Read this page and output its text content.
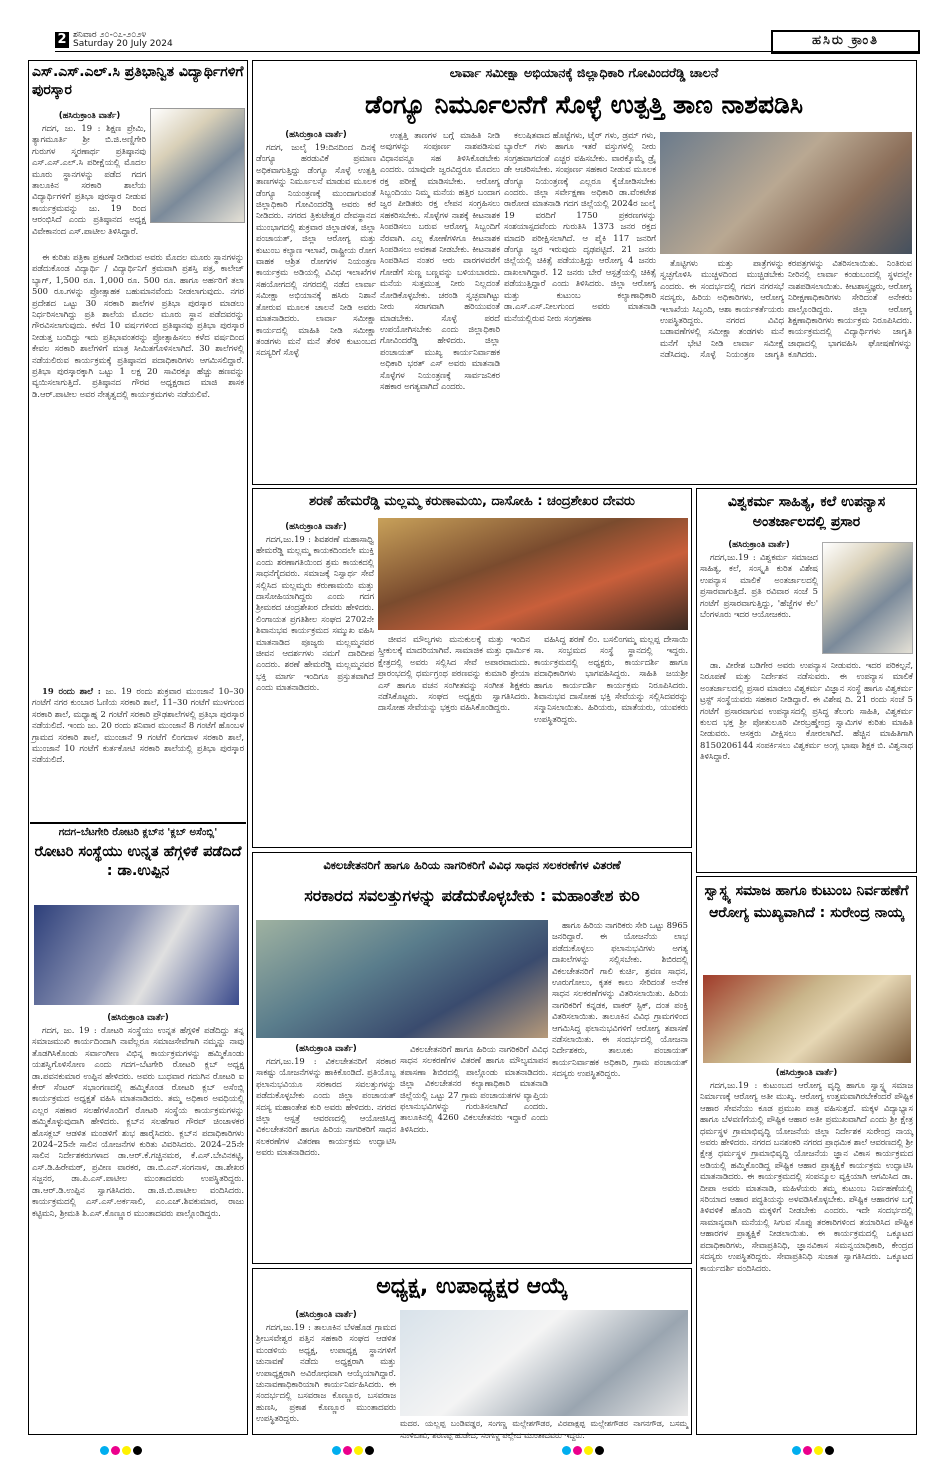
2 ಶನಿವಾರ ೨೦-೦೭-೨೦೨೪
Saturday 20 July 2024	ಹಸಿರು ಕ್ರಾಂತಿ
ಎಸ್.ಎಸ್.ಎಲ್.ಸಿ ಪ್ರತಿಭಾನ್ವಿತ ವಿದ್ಯಾರ್ಥಿಗಳಿಗೆ ಪುರಸ್ಕಾರ
(ಹಸಿರುಕ್ರಾಂತಿ ವಾರ್ತೆ)

ಗದಗ, ಜು. 19 : ಶಿಕ್ಷಣ ಪ್ರೇಮಿ, ತ್ಯಾಗಮೂರ್ತಿ ಶ್ರೀ ಬಿ.ಜಿ.ಅಣ್ಣಿಗೇರಿ ಗುರುಗಳ ಸ್ಮರಣಾರ್ಥ ಪ್ರತಿಷ್ಠಾನವು ಎಸ್.ಎಸ್.ಎಲ್.ಸಿ ಪರೀಕ್ಷೆಯಲ್ಲಿ ಮೊದಲ ಮೂರು ಸ್ಥಾನಗಳನ್ನು ಪಡೆದ ಗದಗ ತಾಲೂಕಿನ ಸರಕಾರಿ ಶಾಲೆಯ ವಿದ್ಯಾರ್ಥಿಗಳಿಗೆ ಪ್ರತಿಭಾ ಪುರಸ್ಕಾರ ನೀಡುವ ಕಾರ್ಯಕ್ರಮವನ್ನು ಜು. 19 ರಿಂದ ಆರಂಭಿಸಿದೆ ಎಂದು ಪ್ರತಿಷ್ಠಾನದ ಅಧ್ಯಕ್ಷ ವಿವೇಕಾನಂದ ಎಸ್.ಪಾಟೀಲ ತಿಳಿಸಿದ್ದಾರೆ.

ಈ ಕುರಿತು ಪತ್ರಿಕಾ ಪ್ರಕಟಣೆ ನೀಡಿರುವ ಅವರು ಮೊದಲ ಮೂರು ಸ್ಥಾನಗಳನ್ನು ಪಡೆದುಕೊಂಡ ವಿದ್ಯಾರ್ಥಿ / ವಿದ್ಯಾರ್ಥಿನಿಗೆ ಕ್ರಮವಾಗಿ ಪ್ರಶಸ್ತಿ ಪತ್ರ, ಕಾಲೇಜ್ ಬ್ಯಾಗ್, 1,500 ರೂ. 1,000 ರೂ. 500 ರೂ. ಹಾಗೂ ಅರ್ಹರಿಗೆ ತಲಾ 500 ರೂ.ಗಳನ್ನು ಪ್ರೋತ್ಸಾಹಕ ಬಹುಮಾನವೆಂದು ನೀಡಲಾಗುವುದು. ನಗರ ಪ್ರದೇಶದ ಒಟ್ಟು 30 ಸರಕಾರಿ ಶಾಲೆಗಳ ಪ್ರತಿಭಾ ಪುರಸ್ಕಾರ ಮಾಡಲು ನಿರ್ಧರಿಸಲಾಗಿದ್ದು ಪ್ರತಿ ಶಾಲೆಯ ಮೊದಲ ಮೂರು ಸ್ಥಾನ ಪಡೆದವರನ್ನು ಗೌರವಿಸಲಾಗುವುದು. ಕಳೆದ 10 ವರ್ಷಗಳಿಂದ ಪ್ರತಿಷ್ಠಾನವು ಪ್ರತಿಭಾ ಪುರಸ್ಕಾರ ನೀಡುತ್ತ ಬಂದಿದ್ದು ಇದು ಪ್ರತಿಭಾವಂತರನ್ನು ಪ್ರೋತ್ಸಾಹಿಸಲು ಕಳೆದ ವರ್ಷದಿಂದ ಕೇವಲ ಸರಕಾರಿ ಶಾಲೆಗಳಿಗೆ ಮಾತ್ರ ಸೀಮಿತಗೊಳಿಸಲಾಗಿದೆ. 30 ಶಾಲೆಗಳಲ್ಲಿ ನಡೆಯಲಿರುವ ಕಾರ್ಯಕ್ರಮಕ್ಕೆ ಪ್ರತಿಷ್ಠಾನದ ಪದಾಧಿಕಾರಿಗಳು ಆಗಮಿಸಲಿದ್ದಾರೆ. ಪ್ರತಿಭಾ ಪುರಸ್ಕಾರಕ್ಕಾಗಿ ಒಟ್ಟು 1 ಲಕ್ಷ 20 ಸಾವಿರಕ್ಕೂ ಹೆಚ್ಚು ಹಣವನ್ನು ವ್ಯಯಿಸಲಾಗುತ್ತಿದೆ. ಪ್ರತಿಷ್ಠಾನದ ಗೌರವ ಅಧ್ಯಕ್ಷರಾದ ಮಾಜಿ ಶಾಸಕ ಡಿ.ಆರ್.ಪಾಟೀಲ ಅವರ ನೇತೃತ್ವದಲ್ಲಿ ಕಾರ್ಯಕ್ರಮಗಳು ನಡೆಯಲಿವೆ.

19 ರಂದು ಶಾಲೆ : ಜು. 19 ರಂದು ಶುಕ್ರವಾರ ಮುಂಜಾನೆ 10–30 ಗಂಟೆಗೆ ನಗರ ಕುಂಬಾರ ಓಣಿಯ ಸರಕಾರಿ ಶಾಲೆ, 11–30 ಗಂಟೆಗೆ ಮುಳಗುಂದ ಸರಕಾರಿ ಶಾಲೆ, ಮಧ್ಯಾಹ್ನ 2 ಗಂಟೆಗೆ ಸರಕಾರಿ ಪ್ರೌಢಶಾಲೆಗಳಲ್ಲಿ ಪ್ರತಿಭಾ ಪುರಸ್ಕಾರ ನಡೆಯಲಿದೆ. ಇಂದು ಜು. 20 ರಂದು ಶನಿವಾರ ಮುಂಜಾನೆ 8 ಗಂಟೆಗೆ ಹೊಂಬಳ ಗ್ರಾಮದ ಸರಕಾರಿ ಶಾಲೆ, ಮುಂಜಾನೆ 9 ಗಂಟೆಗೆ ಲಿಂಗದಾಳ ಸರಕಾರಿ ಶಾಲೆ, ಮುಂಜಾನೆ 10 ಗಂಟೆಗೆ ಕುರ್ತಕೋಟಿ ಸರಕಾರಿ ಶಾಲೆಯಲ್ಲಿ ಪ್ರತಿಭಾ ಪುರಸ್ಕಾರ ನಡೆಯಲಿದೆ.

ಗದಗ–ಬೆಟಗೇರಿ ರೋಟರಿ ಕ್ಲಬ್‌ನ 'ಕ್ಲಬ್ ಅಸೆಂಬ್ಲಿ'
ರೋಟರಿ ಸಂಸ್ಥೆಯು ಉನ್ನತ ಹೆಗ್ಗಳಿಕೆ ಪಡೆದಿದೆ : ಡಾ.ಉಪ್ಪಿನ
(ಹಸಿರುಕ್ರಾಂತಿ ವಾರ್ತೆ)

ಗದಗ, ಜು. 19 : ರೋಟರಿ ಸಂಸ್ಥೆಯು ಉನ್ನತ ಹೆಗ್ಗಳಿಕೆ ಪಡೆದಿದ್ದು ತನ್ನ ಸಮಾಜಮುಖಿ ಕಾರ್ಯದಿಂದಾಗಿ ನಾವೆಲ್ಲರೂ ಸಮಾಜಸೇವೆಗಾಗಿ ನಮ್ಮನ್ನು ನಾವು ತೊಡಗಿಸಿಕೊಂಡು ಸರ್ವಾಂಗೀಣ ವಿಭಿನ್ನ ಕಾರ್ಯಕ್ರಮಗಳನ್ನು ಹಮ್ಮಿಕೊಂಡು ಯಶಸ್ವಿಗೊಳಿಸೋಣ ಎಂದು ಗದಗ–ಬೆಟಗೇರಿ ರೋಟರಿ ಕ್ಲಬ್ ಅಧ್ಯಕ್ಷ ಡಾ.ಪವನಕುಮಾರ ಉಪ್ಪಿನ ಹೇಳಿದರು. ಅವರು ಬುಧವಾರ ಗದುಗಿನ ರೋಟರಿ ಐ ಕೇರ್ ಸೆಂಟರ್ ಸಭಾಂಗಣದಲ್ಲಿ ಹಮ್ಮಿಕೊಂಡ ರೋಟರಿ ಕ್ಲಬ್ ಅಸೆಂಬ್ಲಿ ಕಾರ್ಯಕ್ರಮದ ಅಧ್ಯಕ್ಷತೆ ವಹಿಸಿ ಮಾತನಾಡಿದರು. ತಮ್ಮ ಅಧಿಕಾರ ಅವಧಿಯಲ್ಲಿ ಎಲ್ಲರ ಸಹಕಾರ ಸಲಹೆಗಳೊಂದಿಗೆ ರೋಟರಿ ಸಂಸ್ಥೆಯ ಕಾರ್ಯಕ್ರಮಗಳನ್ನು ಹಮ್ಮಿಕೊಳ್ಳುವುದಾಗಿ ಹೇಳಿದರು. ಕ್ಲಬ್‌ನ ಸಲಹೆಗಾರ ಗೌರವ್ ಚಿಂಚಾಳಕರ ಹೊಸಕ್ಲಬ್ ಆಡಳಿತ ಮಂಡಳಿಗೆ ಶುಭ ಹಾರೈಸಿದರು. ಕ್ಲಬ್‌ನ ಪದಾಧಿಕಾರಿಗಳು 2024–25ನೇ ಸಾಲಿನ ಯೋಜನೆಗಳ ಕುರಿತು ವಿವರಿಸಿದರು. 2024–25ನೇ ಸಾಲಿನ ನಿರ್ದೇಶಕರುಗಳಾದ ಡಾ.ಆರ್.ಕೆ.ಗಚ್ಚಿನಮಠ, ಕೆ.ಎಸ್.ಬೇವಿನಕಟ್ಟಿ, ಎಸ್.ಡಿ.ಹಿರೇಮಠ್, ಪ್ರವೀಣ ವಾರಕರ, ಡಾ.ಬಿ.ಎನ್.ಸಂಗನಾಳ, ಡಾ.ಶೇಖರ ಸಜ್ಜನರ, ಡಾ.ಪಿ.ಎಸ್.ಪಾಟೀಲ ಮುಂತಾದವರು ಉಪಸ್ಥಿತರಿದ್ದರು. ಡಾ.ಆರ್.ಡಿ.ಉಪ್ಪಿನ ಸ್ವಾಗತಿಸಿದರು. ಡಾ.ಜಿ.ಬಿ.ಪಾಟೀಲ ವಂದಿಸಿದರು. ಕಾರ್ಯಕ್ರಮದಲ್ಲಿ ಎಸ್.ಎಸ್.ಅರ್ಕಸಾಲಿ, ಎಂ.ಎಚ್.ಶಿವಕುಮಾರ, ರಾಜು ಕಟ್ಟಿಮನಿ, ಶ್ರೀಮತಿ ಶಿ.ಎಸ್.ಕೊಣ್ಣೂರ ಮುಂತಾದವರು ಪಾಲ್ಗೊಂಡಿದ್ದರು.

ಲಾರ್ವಾ ಸಮೀಕ್ಷಾ ಅಭಿಯಾನಕ್ಕೆ ಜಿಲ್ಲಾಧಿಕಾರಿ ಗೋವಿಂದರೆಡ್ಡಿ ಚಾಲನೆ
ಡೆಂಗ್ಯೂ ನಿರ್ಮೂಲನೆಗೆ ಸೊಳ್ಳೆ ಉತ್ಪತ್ತಿ ತಾಣ ನಾಶಪಡಿಸಿ
(ಹಸಿರುಕ್ರಾಂತಿ ವಾರ್ತೆ)

ಗದಗ, ಜುಲೈ 19:ದಿನದಿಂದ ದಿನಕ್ಕೆ ಡೆಂಗ್ಯೂ ಹರಡುವಿಕೆ ಪ್ರಮಾಣ ಅಧಿಕವಾಗುತ್ತಿದ್ದು ಡೆಂಗ್ಯೂ ಸೊಳ್ಳೆ ಉತ್ಪತ್ತಿ ತಾಣಗಳನ್ನು ನಿರ್ಮೂಲನೆ ಮಾಡುವ ಮೂಲಕ ಡೆಂಗ್ಯೂ ನಿಯಂತ್ರಣಕ್ಕೆ ಮುಂದಾಗುವಂತೆ ಜಿಲ್ಲಾಧಿಕಾರಿ ಗೋವಿಂದರೆಡ್ಡಿ ಅವರು ಕರೆ ನೀಡಿದರು. ನಗರದ ತ್ರಿಕುಟೇಶ್ವರ ದೇವಸ್ಥಾನದ ಮುಂಭಾಗದಲ್ಲಿ ಶುಕ್ರವಾರ ಜಿಲ್ಲಾಡಳಿತ, ಜಿಲ್ಲಾ ಪಂಚಾಯತ್, ಜಿಲ್ಲಾ ಆರೋಗ್ಯ ಮತ್ತು ಕುಟುಂಬ ಕಲ್ಯಾಣ ಇಲಾಖೆ, ರಾಷ್ಟ್ರೀಯ ರೋಗ ವಾಹಕ ಆಶ್ರಿತ ರೋಗಗಳ ನಿಯಂತ್ರಣ ಕಾರ್ಯಕ್ರಮ ಅಡಿಯಲ್ಲಿ ವಿವಿಧ ಇಲಾಖೆಗಳ ಸಹಯೋಗದಲ್ಲಿ ನಗರದಲ್ಲಿ ನಡೆದ ಲಾರ್ವಾ ಸಮೀಕ್ಷಾ ಅಭಿಯಾನಕ್ಕೆ ಹಸಿರು ನಿಶಾನೆ ತೋರುವ ಮೂಲಕ ಚಾಲನೆ ನೀಡಿ ಅವರು ಮಾತನಾಡಿದರು. ಲಾರ್ವಾ ಸಮೀಕ್ಷಾ ಕಾರ್ಯದಲ್ಲಿ ಮಾಹಿತಿ ನೀಡಿ ಸಮೀಕ್ಷಾ ತಂಡಗಳು ಮನೆ ಮನೆ ತೆರಳಿ ಕುಟುಂಬದ ಸದಸ್ಯರಿಗೆ ಸೊಳ್ಳೆ

ಉತ್ಪತ್ತಿ ತಾಣಗಳ ಬಗ್ಗೆ ಮಾಹಿತಿ ನೀಡಿ ಅವುಗಳನ್ನು ಸಂಪೂರ್ಣ ನಾಶಪಡಿಸುವ ವಿಧಾನವನ್ನೂ ಸಹ ತಿಳಿಸಿಕೊಡಬೇಕು ಎಂದರು. ಯಾವುದೇ ಜ್ವರವಿದ್ದರೂ ಮೊದಲು ರಕ್ತ ಪರೀಕ್ಷೆ ಮಾಡಿಸಬೇಕು. ಆರೋಗ್ಯ ಸಿಬ್ಬಂದಿಯು ನಿಮ್ಮ ಮನೆಯ ಹತ್ತಿರ ಬಂದಾಗ ಜ್ವರ ಪೀಡಿತರು ರಕ್ತ ಲೇಪನ ಸಂಗ್ರಹಿಸಲು ಸಹಕರಿಸಬೇಕು. ಸೊಳ್ಳೆಗಳ ನಾಶಕ್ಕೆ ಕೀಟನಾಶಕ ಸಿಂಪಡಿಸಲು ಬರುವ ಆರೋಗ್ಯ ಸಿಬ್ಬಂದಿಗೆ ನೆರವಾಗಿ. ಎಲ್ಲ ಕೋಣೆಗಳಿಗೂ ಕೀಟನಾಶಕ ಸಿಂಪಡಿಸಲು ಅವಕಾಶ ನೀಡಬೇಕು. ಕೀಟನಾಶಕ ಸಿಂಪಡಿಸಿದ ನಂತರ ಆರು ವಾರಗಳವರೆಗೆ ಗೋಡೆಗೆ ಸುಣ್ಣ ಬಣ್ಣವನ್ನು ಬಳಿಯಬಾರದು. ಮನೆಯ ಸುತ್ತಮುತ್ತ ನೀರು ನಿಲ್ಲದಂತೆ ನೋಡಿಕೊಳ್ಳಬೇಕು. ಚರಂಡಿ ಸ್ವಚ್ಛವಾಗಿಟ್ಟು ನೀರು ಸರಾಗವಾಗಿ ಹರಿಯುವಂತೆ ಮಾಡಬೇಕು. ಸೊಳ್ಳೆ ಪರದೆ ಉಪಯೋಗಿಸಬೇಕು ಎಂದು ಜಿಲ್ಲಾಧಿಕಾರಿ ಗೋವಿಂದರೆಡ್ಡಿ ಹೇಳಿದರು. ಜಿಲ್ಲಾ ಪಂಚಾಯತ್ ಮುಖ್ಯ ಕಾರ್ಯನಿರ್ವಾಹಕ ಅಧಿಕಾರಿ ಭರತ್ ಎಸ್ ಅವರು ಮಾತನಾಡಿ ಸೊಳ್ಳೆಗಳ ನಿಯಂತ್ರಣಕ್ಕೆ ಸಾರ್ವಜನಿಕರ ಸಹಕಾರ ಅಗತ್ಯವಾಗಿದೆ ಎಂದರು.

ಕಲುಷಿತವಾದ ಹೊಟ್ಟೆಗಳು, ಟೈರ್ ಗಳು, ಡ್ರಮ್ ಗಳು, ಬ್ಯಾರೆಲ್ ಗಳು ಹಾಗೂ ಇತರೆ ವಸ್ತುಗಳಲ್ಲಿ ನೀರು ಸಂಗ್ರಹವಾಗದಂತೆ ಎಚ್ಚರ ವಹಿಸಬೇಕು. ವಾರಕ್ಕೊಮ್ಮೆ ಡ್ರೈ ಡೇ ಆಚರಿಸಬೇಕು. ಸಂಪೂರ್ಣ ಸಹಕಾರ ನೀಡುವ ಮೂಲಕ ಡೆಂಗ್ಯೂ ನಿಯಂತ್ರಣಕ್ಕೆ ಎಲ್ಲರೂ ಕೈಜೋಡಿಸಬೇಕು ಎಂದರು. ಜಿಲ್ಲಾ ಸರ್ವೇಕ್ಷಣಾ ಅಧಿಕಾರಿ ಡಾ.ವೆಂಕಟೇಶ ರಾಠೋಡ ಮಾತನಾಡಿ ಗದಗ ಜಿಲ್ಲೆಯಲ್ಲಿ 2024ರ ಜುಲೈ 19 ವರದಿಗೆ 1750 ಪ್ರಕರಣಗಳನ್ನು ಸಂಶಯಾಸ್ಪದವೆಂದು ಗುರುತಿಸಿ 1373 ಜನರ ರಕ್ತದ ಮಾದರಿ ಪರೀಕ್ಷಿಸಲಾಗಿದೆ. ಆ ಪೈಕಿ 117 ಜನರಿಗೆ ಡೆಂಗ್ಯೂ ಜ್ವರ ಇರುವುದು ದೃಢಪಟ್ಟಿದೆ. 21 ಜನರು ಜಿಲ್ಲೆಯಲ್ಲಿ ಚಿಕಿತ್ಸೆ ಪಡೆಯುತ್ತಿದ್ದು ಆರೋಗ್ಯ 4 ಜನರು ದಾಖಲಾಗಿದ್ದಾರೆ. 12 ಜನರು ಬೇರೆ ಆಸ್ಪತ್ರೆಯಲ್ಲಿ ಚಿಕಿತ್ಸೆ ಪಡೆಯುತ್ತಿದ್ದಾರೆ ಎಂದು ತಿಳಿಸಿದರು. ಜಿಲ್ಲಾ ಆರೋಗ್ಯ ಮತ್ತು ಕುಟುಂಬ ಕಲ್ಯಾಣಾಧಿಕಾರಿ ಡಾ.ಎಸ್.ಎಸ್.ನೀಲಗುಂದ ಅವರು ಮಾತನಾಡಿ ಮನೆಯಲ್ಲಿರುವ ನೀರು ಸಂಗ್ರಹಣಾ

ತೊಟ್ಟಿಗಳು ಮತ್ತು ಪಾತ್ರೆಗಳನ್ನು ಸ್ವಚ್ಛಗೊಳಿಸಿ ಮುಚ್ಚಳದಿಂದ ಮುಚ್ಚಿಡಬೇಕು ಎಂದರು. ಈ ಸಂದರ್ಭದಲ್ಲಿ ಗದಗ ನಗರಸಭೆ ಸದಸ್ಯರು, ಹಿರಿಯ ಅಧಿಕಾರಿಗಳು, ಆರೋಗ್ಯ ಇಲಾಖೆಯ ಸಿಬ್ಬಂದಿ, ಆಶಾ ಕಾರ್ಯಕರ್ತೆಯರು ಉಪಸ್ಥಿತರಿದ್ದರು. ನಗರದ ವಿವಿಧ ಬಡಾವಣೆಗಳಲ್ಲಿ ಸಮೀಕ್ಷಾ ತಂಡಗಳು ಮನೆ ಮನೆಗೆ ಭೇಟಿ ನೀಡಿ ಲಾರ್ವಾ ಸಮೀಕ್ಷೆ ನಡೆಸಿದವು. ಸೊಳ್ಳೆ ನಿಯಂತ್ರಣ ಜಾಗೃತಿ ಕರಪತ್ರಗಳನ್ನು ವಿತರಿಸಲಾಯಿತು. ನಿಂತಿರುವ ನೀರಿನಲ್ಲಿ ಲಾರ್ವಾ ಕಂಡುಬಂದಲ್ಲಿ ಸ್ಥಳದಲ್ಲೇ ನಾಶಪಡಿಸಲಾಯಿತು. ಕೀಟಶಾಸ್ತ್ರಜ್ಞರು, ಆರೋಗ್ಯ ನಿರೀಕ್ಷಣಾಧಿಕಾರಿಗಳು ಸೇರಿದಂತೆ ಅನೇಕರು ಪಾಲ್ಗೊಂಡಿದ್ದರು. ಜಿಲ್ಲಾ ಆರೋಗ್ಯ ಶಿಕ್ಷಣಾಧಿಕಾರಿಗಳು ಕಾರ್ಯಕ್ರಮ ನಿರೂಪಿಸಿದರು. ಕಾರ್ಯಕ್ರಮದಲ್ಲಿ ವಿದ್ಯಾರ್ಥಿಗಳು ಜಾಗೃತಿ ಜಾಥಾದಲ್ಲಿ ಭಾಗವಹಿಸಿ ಘೋಷಣೆಗಳನ್ನು ಕೂಗಿದರು.

ಶರಣೆ ಹೇಮರೆಡ್ಡಿ ಮಲ್ಲಮ್ಮ ಕರುಣಾಮಯಿ, ದಾಸೋಹಿ : ಚಂದ್ರಶೇಖರ ದೇವರು
(ಹಸಿರುಕ್ರಾಂತಿ ವಾರ್ತೆ)

ಗದಗ,ಜು.19 : ಶಿವಶರಣೆ ಮಹಾಸಾಧ್ವಿ ಹೇಮರೆಡ್ಡಿ ಮಲ್ಲಮ್ಮ ಕಾಯಕದಿಂದಲೇ ಮುಕ್ತಿ ಎಂದು ಶರಣಾಗತಿಯಿಂದ ಶ್ರಮ ಕಾಯಕದಲ್ಲಿ ಸಾಧನೆಗೈದವರು. ಸಮಾಜಕ್ಕೆ ನಿಸ್ವಾರ್ಥ ಸೇವೆ ಸಲ್ಲಿಸಿದ ಮಲ್ಲಮ್ಮರು ಕರುಣಾಮಯಿ ಮತ್ತು ದಾಸೋಹಿಯಾಗಿದ್ದರು ಎಂದು ಗದಗ ಶ್ರೀಮಠದ ಚಂದ್ರಶೇಖರ ದೇವರು ಹೇಳಿದರು. ಲಿಂಗಾಯತ ಪ್ರಗತಿಶೀಲ ಸಂಘದ 2702ನೇ ಶಿವಾನುಭವ ಕಾರ್ಯಕ್ರಮದ ಸಮ್ಮುಖ ವಹಿಸಿ ಮಾತನಾಡಿದ ಪೂಜ್ಯರು ಮಲ್ಲಮ್ಮನವರ ಜೀವನ ಆದರ್ಶಗಳು ನಮಗೆ ದಾರಿದೀಪ ಎಂದರು. ಶರಣೆ ಹೇಮರೆಡ್ಡಿ ಮಲ್ಲಮ್ಮನವರ ಭಕ್ತಿ ಮಾರ್ಗ ಇಂದಿಗೂ ಪ್ರಸ್ತುತವಾಗಿದೆ ಎಂದು ಮಾತನಾಡಿದರು.

ಜೀವನ ಮೌಲ್ಯಗಳು ಮನುಕುಲಕ್ಕೆ ಮತ್ತು ಇಂದಿನ ಸ್ತ್ರೀಕುಲಕ್ಕೆ ಮಾದರಿಯಾಗಿವೆ. ಸಾಮಾಜಿಕ ಮತ್ತು ಧಾರ್ಮಿಕ ಕ್ಷೇತ್ರದಲ್ಲಿ ಅವರು ಸಲ್ಲಿಸಿದ ಸೇವೆ ಅಪಾರವಾದುದು. ಪ್ರಾರಂಭದಲ್ಲಿ ಧರ್ಮಗ್ರಂಥ ಪಠಣವನ್ನು ಕುಮಾರಿ ಶ್ರೇಯಾ ಎಸ್ ಹಾಗೂ ವಚನ ಸಂಗೀತವನ್ನು ಸಂಗೀತ ಶಿಕ್ಷಕರು ನಡೆಸಿಕೊಟ್ಟರು. ಸಂಘದ ಅಧ್ಯಕ್ಷರು ಸ್ವಾಗತಿಸಿದರು. ದಾಸೋಹ ಸೇವೆಯನ್ನು ಭಕ್ತರು ವಹಿಸಿಕೊಂಡಿದ್ದರು.

ವಹಿಸಿದ್ದ ಶರಣೆ ಲಿಂ. ಬಸಲಿಂಗಮ್ಮ ಮಲ್ಲಪ್ಪ ದೇಸಾಯಿ ಸಾ. ಸಂಭ್ರಮದ ಸಂಸ್ಥೆ ಸ್ಥಾನದಲ್ಲಿ ಇದ್ದರು. ಕಾರ್ಯಕ್ರಮದಲ್ಲಿ ಅಧ್ಯಕ್ಷರು, ಕಾರ್ಯದರ್ಶಿ ಹಾಗೂ ಪದಾಧಿಕಾರಿಗಳು ಭಾಗವಹಿಸಿದ್ದರು. ಸಾಹಿತಿ ಜಯಶ್ರೀ ಹಾಗೂ ಕಾರ್ಯದರ್ಶಿ ಕಾರ್ಯಕ್ರಮ ನಿರೂಪಿಸಿದರು. ಶಿವಾನುಭವ ದಾಸೋಹ ಭಕ್ತಿ ಸೇವೆಯನ್ನು ಸಲ್ಲಿಸಿದವರನ್ನು ಸನ್ಮಾನಿಸಲಾಯಿತು. ಹಿರಿಯರು, ಮಾತೆಯರು, ಯುವಕರು ಉಪಸ್ಥಿತರಿದ್ದರು.

ವಿಶ್ವಕರ್ಮ ಸಾಹಿತ್ಯ, ಕಲೆ ಉಪನ್ಯಾಸ ಅಂತರ್ಜಾಲದಲ್ಲಿ ಪ್ರಸಾರ
(ಹಸಿರುಕ್ರಾಂತಿ ವಾರ್ತೆ)

ಗದಗ,ಜು.19 : ವಿಶ್ವಕರ್ಮ ಸಮಾಜದ ಸಾಹಿತ್ಯ, ಕಲೆ, ಸಂಸ್ಕೃತಿ ಕುರಿತ ವಿಶೇಷ ಉಪನ್ಯಾಸ ಮಾಲಿಕೆ ಅಂತರ್ಜಾಲದಲ್ಲಿ ಪ್ರಸಾರವಾಗುತ್ತಿದೆ. ಪ್ರತಿ ರವಿವಾರ ಸಂಜೆ 5 ಗಂಟೆಗೆ ಪ್ರಸಾರವಾಗುತ್ತಿದ್ದು, 'ಹೆಜ್ಜೆಗಳ ಕೆಲ' ಬೆಂಗಳೂರು ಇದರ ಆಯೋಜಕರು.

ಡಾ. ವೀರೇಶ ಬಡಿಗೇರ ಅವರು ಉಪನ್ಯಾಸ ನೀಡುವರು. ಇದರ ಪರಿಕಲ್ಪನೆ, ನಿರೂಪಣೆ ಮತ್ತು ನಿರ್ದೇಶನ ನಡೆಸುವರು. ಈ ಉಪನ್ಯಾಸ ಮಾಲಿಕೆ ಅಂತರ್ಜಾಲದಲ್ಲಿ ಪ್ರಸಾರ ಮಾಡಲು ವಿಶ್ವಕರ್ಮ ವಿಜ್ಞಾನ ಸಂಸ್ಥೆ ಹಾಗೂ ವಿಶ್ವಕರ್ಮ ಟ್ರಸ್ಟ್ ಸಂಸ್ಥೆಯವರು ಸಹಕಾರ ನೀಡಿದ್ದಾರೆ. ಈ ವಿಶೇಷ ದಿ. 21 ರಂದು ಸಂಜೆ 5 ಗಂಟೆಗೆ ಪ್ರಸಾರವಾಗುವ ಉಪನ್ಯಾಸದಲ್ಲಿ ಪ್ರಸಿದ್ಧ ತೆಲುಗು ಸಾಹಿತಿ, ವಿಶ್ವಕರ್ಮ ಕುಲದ ಭಕ್ತ ಶ್ರೀ ಪೋತುಲೂರಿ ವೀರಬ್ರಹ್ಮೇಂದ್ರ ಸ್ವಾಮಿಗಳ ಕುರಿತು ಮಾಹಿತಿ ನೀಡುವರು. ಆಸಕ್ತರು ವೀಕ್ಷಿಸಲು ಕೋರಲಾಗಿದೆ. ಹೆಚ್ಚಿನ ಮಾಹಿತಿಗಾಗಿ 8150206144 ಸಂಪರ್ಕಿಸಲು ವಿಶ್ವಕರ್ಮ ಅಂಗ್ಲ ಭಾಷಾ ಶಿಕ್ಷಕ ಬಿ. ವಿಶ್ವನಾಥ ತಿಳಿಸಿದ್ದಾರೆ.

ಸ್ವಾಸ್ಥ್ಯ ಸಮಾಜ ಹಾಗೂ ಕುಟುಂಬ ನಿರ್ವಹಣೆಗೆ ಆರೋಗ್ಯ ಮುಖ್ಯವಾಗಿದೆ : ಸುರೇಂದ್ರ ನಾಯ್ಕ
(ಹಸಿರುಕ್ರಾಂತಿ ವಾರ್ತೆ)

ಗದಗ,ಜು.19 : ಕುಟುಂಬದ ಆರೋಗ್ಯ ವೃದ್ಧಿ ಹಾಗೂ ಸ್ವಾಸ್ಥ್ಯ ಸಮಾಜ ನಿರ್ಮಾಣಕ್ಕೆ ಆರೋಗ್ಯ ಅತೀ ಮುಖ್ಯ. ಆರೋಗ್ಯ ಉತ್ತಮವಾಗಿರಬೇಕೆಂದರೆ ಪೌಷ್ಟಿಕ ಆಹಾರ ಸೇವನೆಯು ಕೂಡ ಪ್ರಮುಖ ಪಾತ್ರ ವಹಿಸುತ್ತದೆ. ಮಕ್ಕಳ ವಿದ್ಯಾಭ್ಯಾಸ ಹಾಗೂ ಬೆಳವಣಿಗೆಯಲ್ಲಿ ಪೌಷ್ಟಿಕ ಆಹಾರ ಅತೀ ಪ್ರಮುಖವಾಗಿದೆ ಎಂದು ಶ್ರೀ ಕ್ಷೇತ್ರ ಧರ್ಮಸ್ಥಳ ಗ್ರಾಮಾಭಿವೃದ್ಧಿ ಯೋಜನೆಯ ಜಿಲ್ಲಾ ನಿರ್ದೇಶಕ ಸುರೇಂದ್ರ ನಾಯ್ಕ ಅವರು ಹೇಳಿದರು. ನಗರದ ಬನಶಂಕರಿ ನಗರದ ಪ್ರಾಥಮಿಕ ಶಾಲೆ ಆವರಣದಲ್ಲಿ ಶ್ರೀ ಕ್ಷೇತ್ರ ಧರ್ಮಸ್ಥಳ ಗ್ರಾಮಾಭಿವೃದ್ಧಿ ಯೋಜನೆಯ ಜ್ಞಾನ ವಿಕಾಸ ಕಾರ್ಯಕ್ರಮದ ಅಡಿಯಲ್ಲಿ ಹಮ್ಮಿಕೊಂಡಿದ್ದ ಪೌಷ್ಟಿಕ ಆಹಾರ ಪ್ರಾತ್ಯಕ್ಷಿಕೆ ಕಾರ್ಯಕ್ರಮ ಉದ್ಘಾಟಿಸಿ ಮಾತನಾಡಿದರು. ಈ ಕಾರ್ಯಕ್ರಮದಲ್ಲಿ ಸಂಪನ್ಮೂಲ ವ್ಯಕ್ತಿಯಾಗಿ ಆಗಮಿಸಿದ ಡಾ. ದೀಪಾ ಅವರು ಮಾತನಾಡಿ, ಮಹಿಳೆಯರು ತಮ್ಮ ಕುಟುಂಬ ನಿರ್ವಹಣೆಯಲ್ಲಿ ಸರಿಯಾದ ಆಹಾರ ಪದ್ಧತಿಯನ್ನು ಅಳವಡಿಸಿಕೊಳ್ಳಬೇಕು. ಪೌಷ್ಟಿಕ ಆಹಾರಗಳ ಬಗ್ಗೆ ತಿಳಿವಳಿಕೆ ಹೊಂದಿ ಮಕ್ಕಳಿಗೆ ನೀಡಬೇಕು ಎಂದರು. ಇದೇ ಸಂದರ್ಭದಲ್ಲಿ ಸಾಮಾನ್ಯವಾಗಿ ಮನೆಯಲ್ಲಿ ಸಿಗುವ ಸೊಪ್ಪು ತರಕಾರಿಗಳಿಂದ ತಯಾರಿಸಿದ ಪೌಷ್ಟಿಕ ಆಹಾರಗಳ ಪ್ರಾತ್ಯಕ್ಷಿಕೆ ನೀಡಲಾಯಿತು. ಈ ಕಾರ್ಯಕ್ರಮದಲ್ಲಿ ಒಕ್ಕೂಟದ ಪದಾಧಿಕಾರಿಗಳು, ಸೇವಾಪ್ರತಿನಿಧಿ, ಜ್ಞಾನವಿಕಾಸ ಸಮನ್ವಯಾಧಿಕಾರಿ, ಕೇಂದ್ರದ ಸದಸ್ಯರು ಉಪಸ್ಥಿತರಿದ್ದರು. ಸೇವಾಪ್ರತಿನಿಧಿ ಸುಜಾತ ಸ್ವಾಗತಿಸಿದರು. ಒಕ್ಕೂಟದ ಕಾರ್ಯದರ್ಶಿ ವಂದಿಸಿದರು.

ವಿಕಲಚೇತನರಿಗೆ ಹಾಗೂ ಹಿರಿಯ ನಾಗರಿಕರಿಗೆ ವಿವಿಧ ಸಾಧನ ಸಲಕರಣೆಗಳ ವಿತರಣೆ
ಸರಕಾರದ ಸವಲತ್ತುಗಳನ್ನು ಪಡೆದುಕೊಳ್ಳಬೇಕು : ಮಹಾಂತೇಶ ಕುರಿ

ಹಾಗೂ ಹಿರಿಯ ನಾಗರಿಕರು ಸೇರಿ ಒಟ್ಟು 8965 ಜನರಿದ್ದಾರೆ. ಈ ಯೋಜನೆಯ ಲಾಭ ಪಡೆದುಕೊಳ್ಳಲು ಫಲಾನುಭವಿಗಳು ಅಗತ್ಯ ದಾಖಲೆಗಳನ್ನು ಸಲ್ಲಿಸಬೇಕು. ಶಿಬಿರದಲ್ಲಿ ವಿಕಲಚೇತನರಿಗೆ ಗಾಲಿ ಕುರ್ಚಿ, ಶ್ರವಣ ಸಾಧನ, ಊರುಗೋಲು, ಕೃತಕ ಕಾಲು ಸೇರಿದಂತೆ ಅನೇಕ ಸಾಧನ ಸಲಕರಣೆಗಳನ್ನು ವಿತರಿಸಲಾಯಿತು. ಹಿರಿಯ ನಾಗರಿಕರಿಗೆ ಕನ್ನಡಕ, ವಾಕರ್ ಸ್ಟಿಕ್, ದಂತ ಪಂಕ್ತಿ ವಿತರಿಸಲಾಯಿತು. ತಾಲೂಕಿನ ವಿವಿಧ ಗ್ರಾಮಗಳಿಂದ ಆಗಮಿಸಿದ್ದ ಫಲಾನುಭವಿಗಳಿಗೆ ಆರೋಗ್ಯ ತಪಾಸಣೆ ನಡೆಸಲಾಯಿತು. ಈ ಸಂದರ್ಭದಲ್ಲಿ ಯೋಜನಾ ನಿರ್ದೇಶಕರು, ತಾಲೂಕು ಪಂಚಾಯತ್ ಕಾರ್ಯನಿರ್ವಾಹಕ ಅಧಿಕಾರಿ, ಗ್ರಾಮ ಪಂಚಾಯತ್ ಸದಸ್ಯರು ಉಪಸ್ಥಿತರಿದ್ದರು.

(ಹಸಿರುಕ್ರಾಂತಿ ವಾರ್ತೆ)

ಗದಗ,ಜು.19 : ವಿಕಲಚೇತನರಿಗೆ ಸರಕಾರ ಸಾಕಷ್ಟು ಯೋಜನೆಗಳನ್ನು ಹಾಕಿಕೊಂಡಿದೆ. ಪ್ರತಿಯೊಬ್ಬ ಫಲಾನುಭವಿಯೂ ಸರಕಾರದ ಸವಲತ್ತುಗಳನ್ನು ಪಡೆದುಕೊಳ್ಳಬೇಕು ಎಂದು ಜಿಲ್ಲಾ ಪಂಚಾಯತ್ ಸದಸ್ಯ ಮಹಾಂತೇಶ ಕುರಿ ಅವರು ಹೇಳಿದರು. ನಗರದ ಜಿಲ್ಲಾ ಆಸ್ಪತ್ರೆ ಆವರಣದಲ್ಲಿ ಆಯೋಜಿಸಿದ್ದ ವಿಕಲಚೇತನರಿಗೆ ಹಾಗೂ ಹಿರಿಯ ನಾಗರಿಕರಿಗೆ ಸಾಧನ ಸಲಕರಣೆಗಳ ವಿತರಣಾ ಕಾರ್ಯಕ್ರಮ ಉದ್ಘಾಟಿಸಿ ಅವರು ಮಾತನಾಡಿದರು.

ವಿಕಲಚೇತನರಿಗೆ ಹಾಗೂ ಹಿರಿಯ ನಾಗರಿಕರಿಗೆ ವಿವಿಧ ಸಾಧನ ಸಲಕರಣೆಗಳ ವಿತರಣೆ ಹಾಗೂ ಮೌಲ್ಯಮಾಪನ ತಪಾಸಣಾ ಶಿಬಿರದಲ್ಲಿ ಪಾಲ್ಗೊಂಡು ಮಾತನಾಡಿದರು. ಜಿಲ್ಲಾ ವಿಕಲಚೇತನರ ಕಲ್ಯಾಣಾಧಿಕಾರಿ ಮಾತನಾಡಿ ಜಿಲ್ಲೆಯಲ್ಲಿ ಒಟ್ಟು 27 ಗ್ರಾಮ ಪಂಚಾಯತಗಳ ವ್ಯಾಪ್ತಿಯ ಫಲಾನುಭವಿಗಳನ್ನು ಗುರುತಿಸಲಾಗಿದೆ ಎಂದರು. ತಾಲೂಕಿನಲ್ಲಿ 4260 ವಿಕಲಚೇತನರು ಇದ್ದಾರೆ ಎಂದು ತಿಳಿಸಿದರು.

ಅಧ್ಯಕ್ಷ, ಉಪಾಧ್ಯಕ್ಷರ ಆಯ್ಕೆ
(ಹಸಿರುಕ್ರಾಂತಿ ವಾರ್ತೆ)

ಗದಗ,ಜು.19 : ತಾಲೂಕಿನ ಬೆಳಹೊಡ ಗ್ರಾಮದ ಶ್ರೀಬಸವೇಶ್ವರ ಪತ್ತಿನ ಸಹಕಾರಿ ಸಂಘದ ಆಡಳಿತ ಮಂಡಳಿಯ ಅಧ್ಯಕ್ಷ, ಉಪಾಧ್ಯಕ್ಷ ಸ್ಥಾನಗಳಿಗೆ ಚುನಾವಣೆ ನಡೆದು ಅಧ್ಯಕ್ಷರಾಗಿ ಮತ್ತು ಉಪಾಧ್ಯಕ್ಷರಾಗಿ ಅವಿರೋಧವಾಗಿ ಆಯ್ಕೆಯಾಗಿದ್ದಾರೆ. ಚುನಾವಣಾಧಿಕಾರಿಯಾಗಿ ಕಾರ್ಯನಿರ್ವಹಿಸಿದರು. ಈ ಸಂದರ್ಭದಲ್ಲಿ ಬಸವರಾಜ ಕೊಣ್ಣೂರ, ಬಸವರಾಜ ಹುಣಸಿ, ಪ್ರಕಾಶ ಕೊಣ್ಣೂರ ಮುಂತಾದವರು ಉಪಸ್ಥಿತರಿದ್ದರು.

ಮದರ. ಯಲ್ಲಪ್ಪ ಬಂಡಿವಡ್ಡರ, ಸಂಗಣ್ಣ ಮಲ್ಲೇಶಗೌಡರ, ವಿರಪಾಕ್ಷಪ್ಪ ಮಲ್ಲೇಶಗೌಡರ ನಾಗನಗೌಡ, ಬಸಮ್ಮ ಸೂಳಿಬಾವಿ, ಶರಣಪ್ಪ ಹುಡೇದ, ಸಂಗಣ್ಣ ಪಲ್ಲೇದ ಮುಂತಾದವರು ಇದ್ದರು.
